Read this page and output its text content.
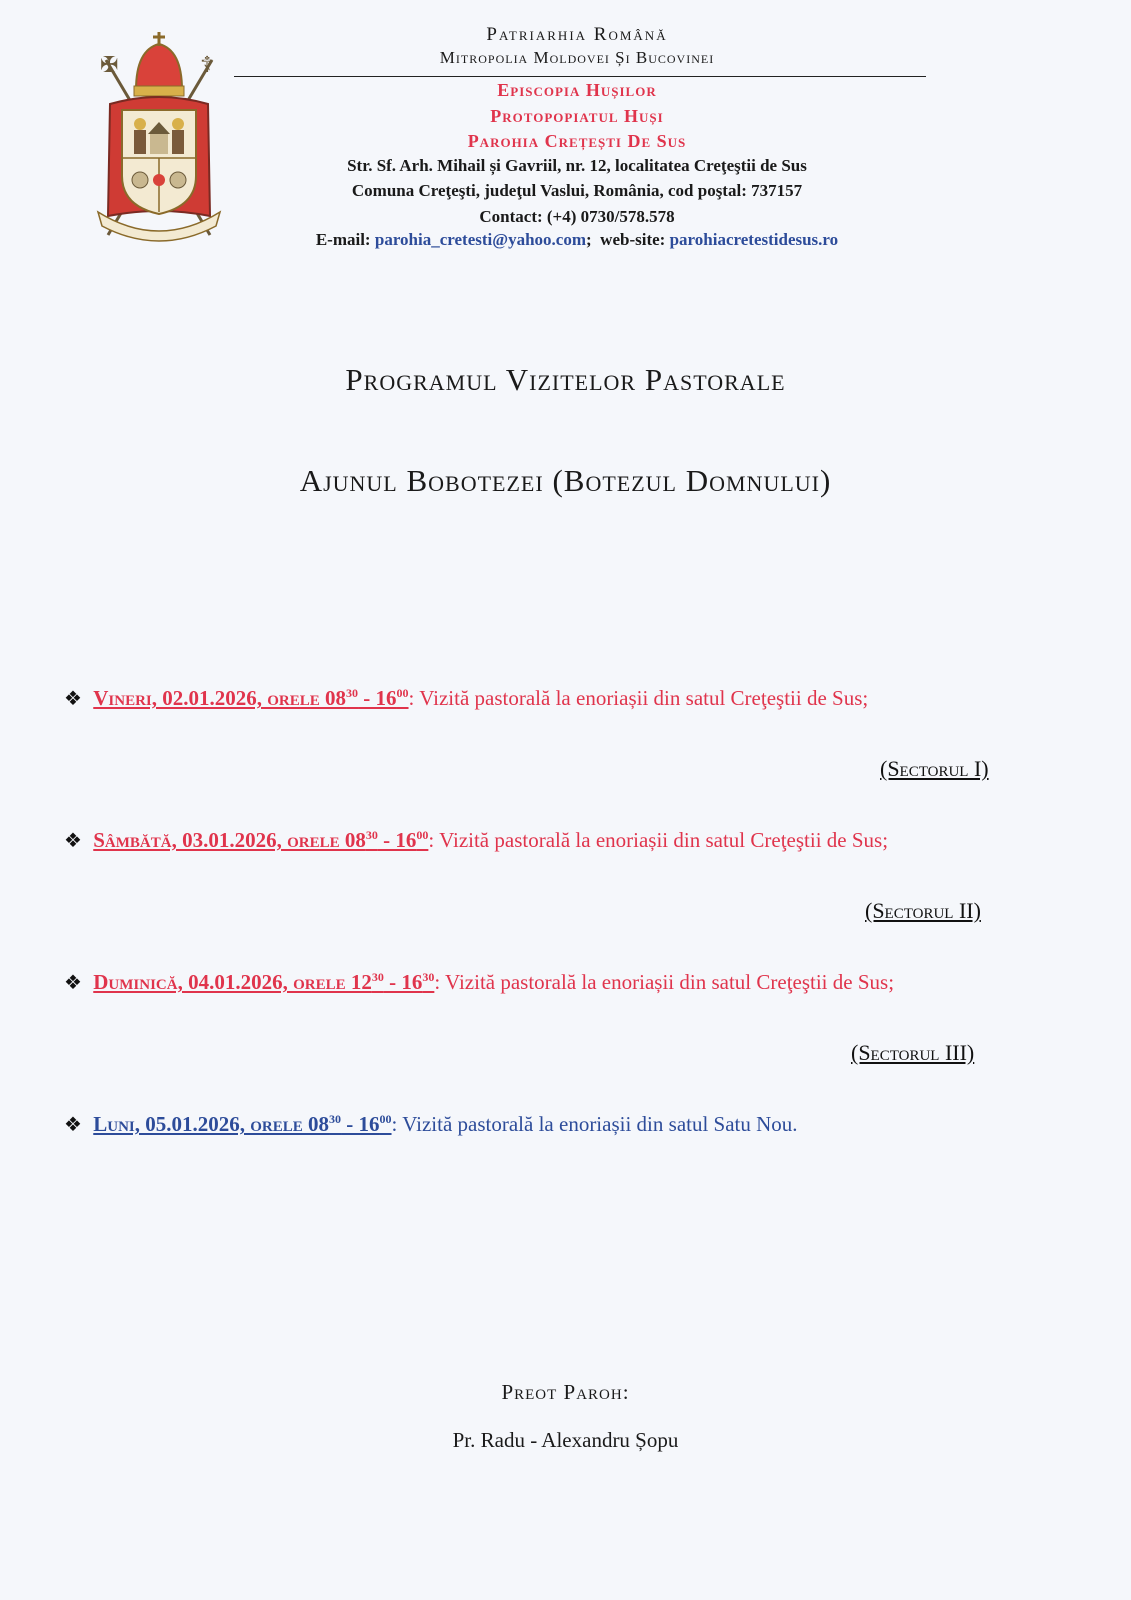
✠	☦
Patriarhia Română
Mitropolia Moldovei Și Bucovinei
Episcopia Hușilor
Protopopiatul Huși
Parohia Crețești De Sus
Str. Sf. Arh. Mihail și Gavriil, nr. 12, localitatea Creţeştii de Sus
Comuna Creţeşti, judeţul Vaslui, România, cod poştal: 737157
Contact: (+4) 0730/578.578
E-mail: parohia_cretesti@yahoo.com; web-site: parohiacretestidesus.ro
Programul Vizitelor Pastorale
Ajunul Bobotezei (Botezul Domnului)
❖ Vineri, 02.01.2026, orele $08^{30} - 16^{00}$: Vizită pastorală la enoriașii din satul Creţeştii de Sus;
(Sectorul I)
❖ Sâmbătă, 03.01.2026, orele $08^{30} - 16^{00}$: Vizită pastorală la enoriașii din satul Creţeştii de Sus;
(Sectorul II)
❖ Duminică, 04.01.2026, orele $12^{30} - 16^{30}$: Vizită pastorală la enoriașii din satul Creţeştii de Sus;
(Sectorul III)
❖ Luni, 05.01.2026, orele $08^{30} - 16^{00}$: Vizită pastorală la enoriașii din satul Satu Nou.
Preot Paroh:
Pr. Radu - Alexandru Șopu
